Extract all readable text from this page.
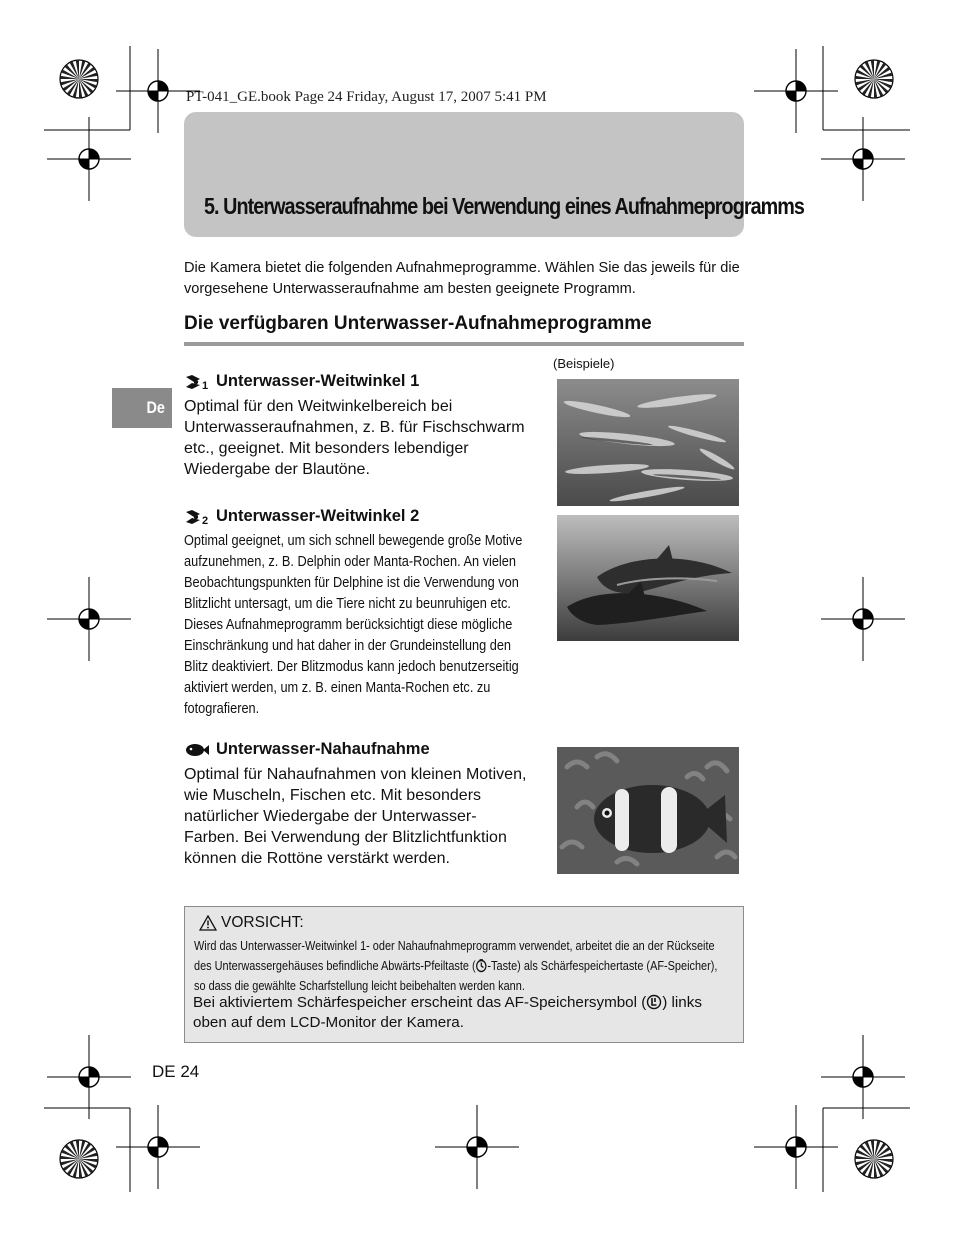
PT-041_GE.book Page 24 Friday, August 17, 2007 5:41 PM
5. Unterwasseraufnahme bei Verwendung eines Aufnahmeprogramms
Die Kamera bietet die folgenden Aufnahmeprogramme. Wählen Sie das jeweils für die vorgesehene Unterwasseraufnahme am besten geeignete Programm.
Die verfügbaren Unterwasser-Aufnahmeprogramme
De
(Beispiele)
1 Unterwasser-Weitwinkel 1
Optimal für den Weitwinkelbereich bei Unterwasseraufnahmen, z. B. für Fischschwarm etc., geeignet. Mit besonders lebendiger Wiedergabe der Blautöne.
2 Unterwasser-Weitwinkel 2
Optimal geeignet, um sich schnell bewegende große Motive aufzunehmen, z. B. Delphin oder Manta-Rochen. An vielen Beobachtungspunkten für Delphine ist die Verwendung von Blitzlicht untersagt, um die Tiere nicht zu beunruhigen etc. Dieses Aufnahmeprogramm berücksichtigt diese mögliche Einschränkung und hat daher in der Grundeinstellung den Blitz deaktiviert. Der Blitzmodus kann jedoch benutzerseitig aktiviert werden, um z. B. einen Manta-Rochen etc. zu fotografieren.
Unterwasser-Nahaufnahme
Optimal für Nahaufnahmen von kleinen Motiven, wie Muscheln, Fischen etc. Mit besonders natürlicher Wiedergabe der Unterwasser-Farben. Bei Verwendung der Blitzlichtfunktion können die Rottöne verstärkt werden.
VORSICHT:
Wird das Unterwasser-Weitwinkel 1- oder Nahaufnahmeprogramm verwendet, arbeitet die an der Rückseite des Unterwassergehäuses befindliche Abwärts-Pfeiltaste ( -Taste) als Schärfespeichertaste (AF-Speicher), so dass die gewählte Scharfstellung leicht beibehalten werden kann.
Bei aktiviertem Schärfespeicher erscheint das AF-Speichersymbol ( ) links oben auf dem LCD-Monitor der Kamera.
DE 24
